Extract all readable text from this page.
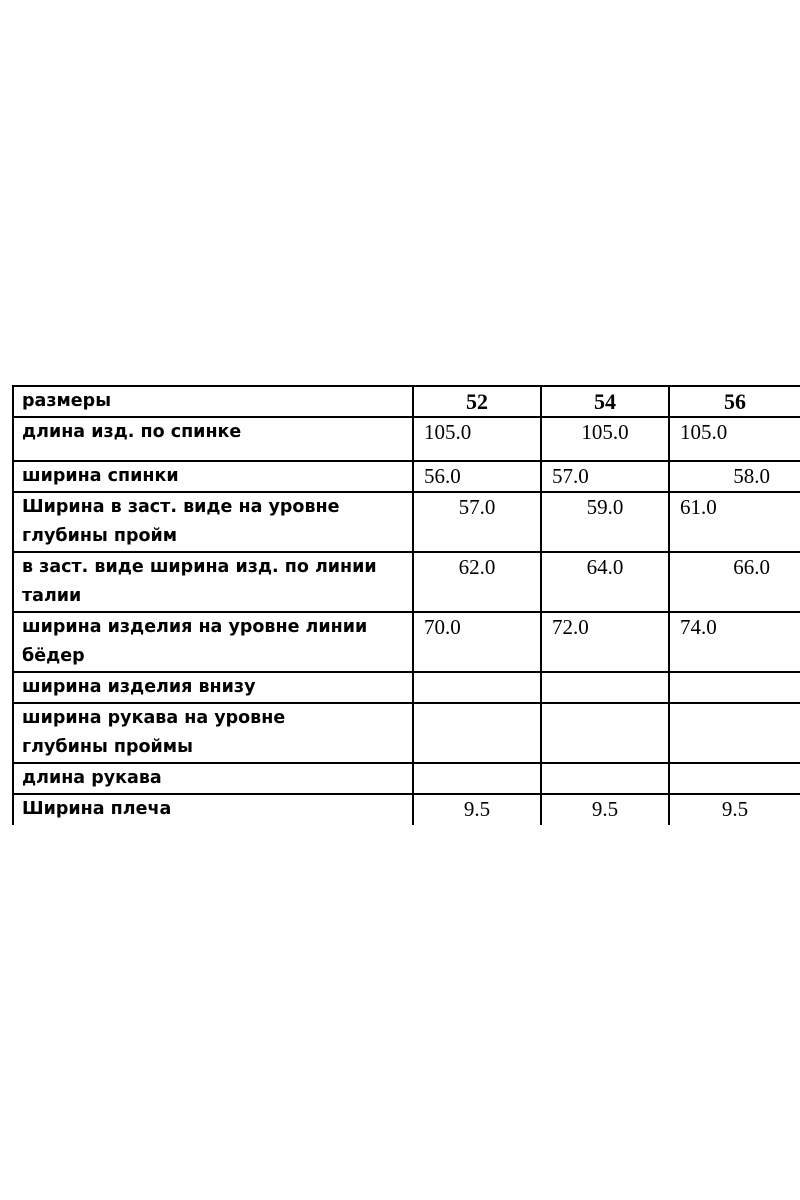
размеры	52	54	56
длина изд. по спинке	105.0	105.0	105.0
ширина спинки	56.0	57.0	58.0
Ширина в заст. виде на уровне
глубины пройм	57.0	59.0	61.0
в заст. виде ширина изд. по линии
талии	62.0	64.0	66.0
ширина изделия на уровне линии
бёдер	70.0	72.0	74.0
ширина изделия внизу			
ширина рукава на уровне
глубины проймы			
длина рукава			
Ширина плеча	9.5	9.5	9.5
